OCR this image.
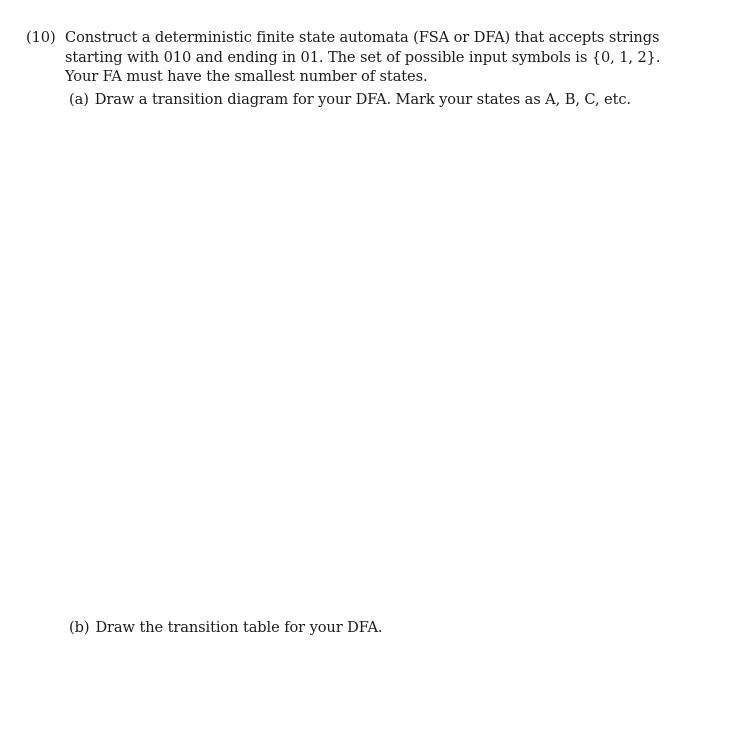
(10) Construct a deterministic finite state automata (FSA or DFA) that accepts strings
starting with 010 and ending in 01. The set of possible input symbols is {0, 1, 2}.
Your FA must have the smallest number of states.
(a) Draw a transition diagram for your DFA. Mark your states as A, B, C, etc.
(b) Draw the transition table for your DFA.
